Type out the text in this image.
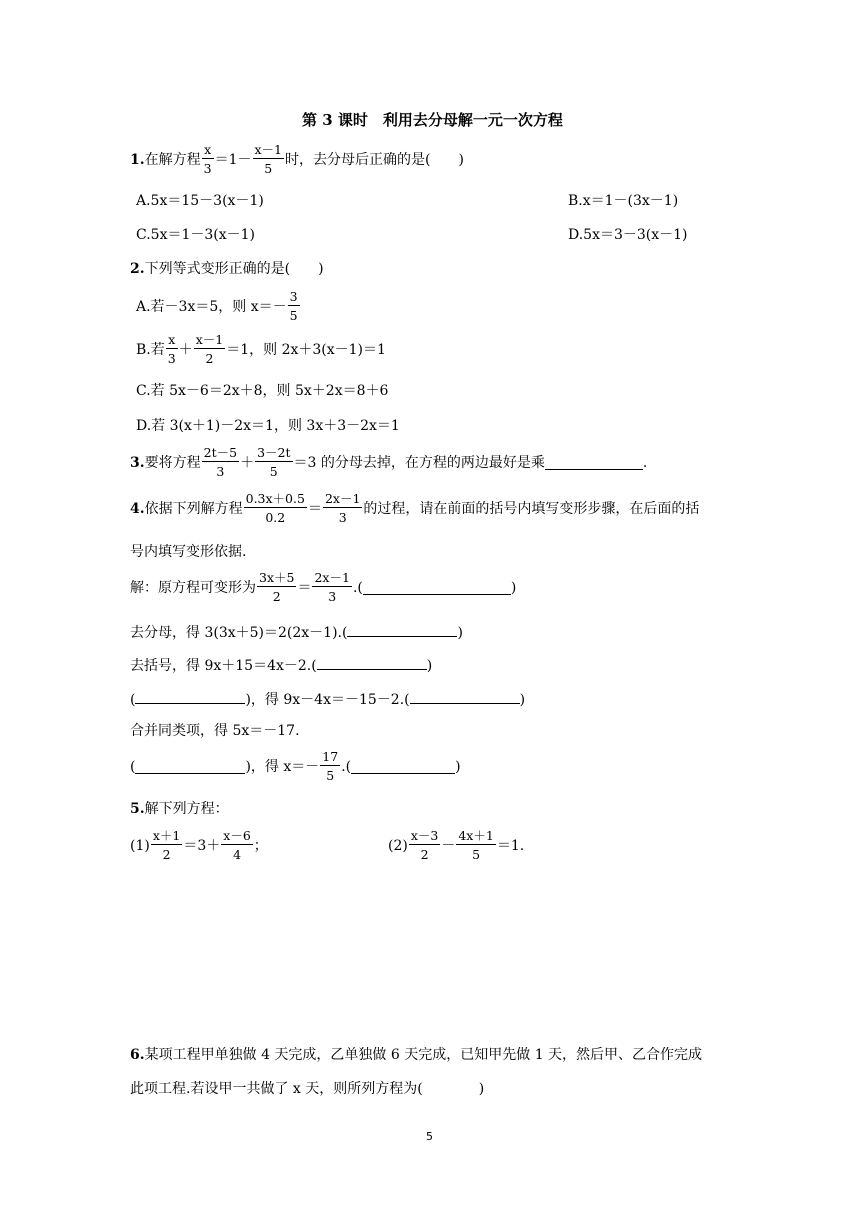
第 3 课时　利用去分母解一元一次方程
1. 在解方程 $\frac{x}{3} =1- \frac{x-1}{5}$ 时，去分母后正确的是(　　)
A.5x＝15－3(x－1)	B.x＝1－(3x－1)
C.5x＝1－3(x－1)	D.5x＝3－3(x－1)
2.下列等式变形正确的是(　　)
A.若－3x＝5，则 $x=- \frac{3}{5}$
B.若 $\frac{x}{3} + \frac{x-1}{2} =1$，则 2x＋3(x－1)＝1
C.若 5x－6＝2x＋8，则 5x＋2x＝8＋6
D.若 3(x＋1)－2x＝1，则 3x＋3－2x＝1
3. 要将方程 $\frac{2t-5}{3} + \frac{3-2t}{5} =3$ 的分母去掉，在方程的两边最好是乘	.
4. 依据下列解方程 $\frac{0.3x+0.5}{0.2} = \frac{2x-1}{3}$ 的过程，请在前面的括号内填写变形步骤，在后面的括
号内填写变形依据.
解：原方程可变形为 $\frac{3x+5}{2} = \frac{2x-1}{3}$ .(	)
去分母，得 3(3x＋5)＝2(2x－1).(	)
去括号，得 9x＋15＝4x－2.(	)
(	)，得 9x－4x＝－15－2.(	)
合并同类项，得 5x＝－17.
(	)，得 $x=- \frac{17}{5}$ .(	)
5.解下列方程：
$(1) \frac{x+1}{2} =3+ \frac{x-6}{4}$ ；	$(2) \frac{x-3}{2} - \frac{4x+1}{5} =1$.
6.某项工程甲单独做 4 天完成，乙单独做 6 天完成，已知甲先做 1 天，然后甲、乙合作完成
此项工程.若设甲一共做了 x 天，则所列方程为(　　　　)
5
